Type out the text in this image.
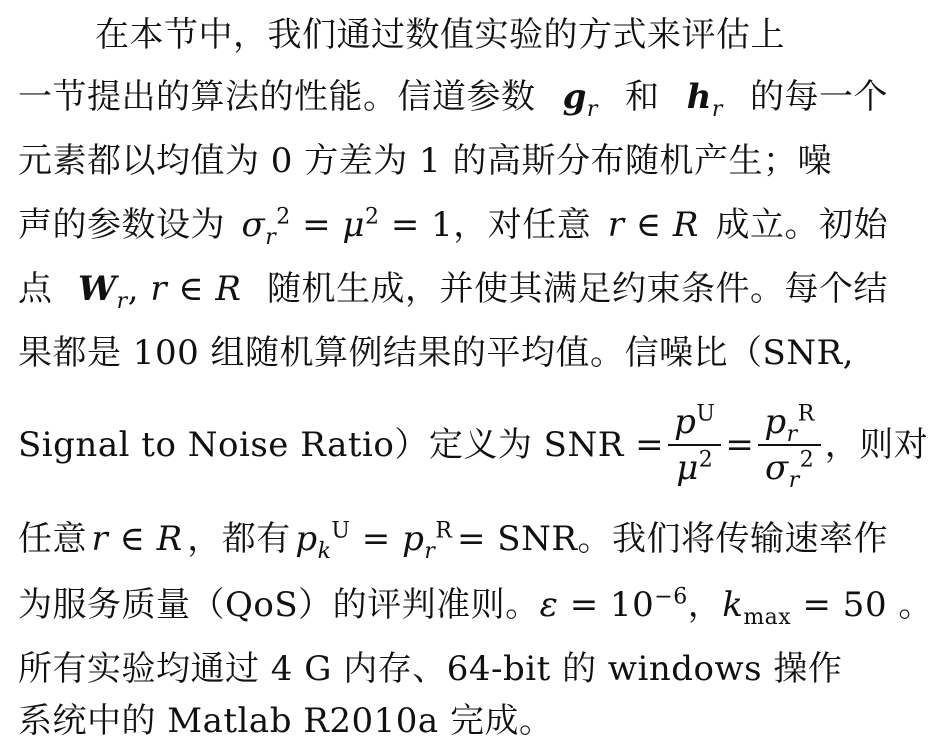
在本节中，我们通过数值实验的方式来评估上
一节提出的算法的性能。信道参数 $g_r$ 和 $h_r$ 的每一个
元素都以均值为 0 方差为 1 的高斯分布随机产生；噪
声的参数设为 $\sigma_r^2 = \mu^2 = 1$，对任意 r ∈ R 成立。初始
点 $W_r$, r ∈ R 随机生成，并使其满足约束条件。每个结
果都是 100 组随机算例结果的平均值。信噪比（SNR,
Signal to Noise Ratio）定义为 SNR = $\frac{p^U}{\mu^2} = \frac{p_r^R}{\sigma_r^2}$ ，则对
任意 r ∈ R ，都有 $p_k^U = p_r^R$ = SNR。我们将传输速率作
为服务质量（QoS）的评判准则。 $\varepsilon = 10^{-6}$ ， $k_{max} = 50$ 。
所有实验均通过 4 G 内存、64-bit 的 windows 操作
系统中的 Matlab R2010a 完成。
